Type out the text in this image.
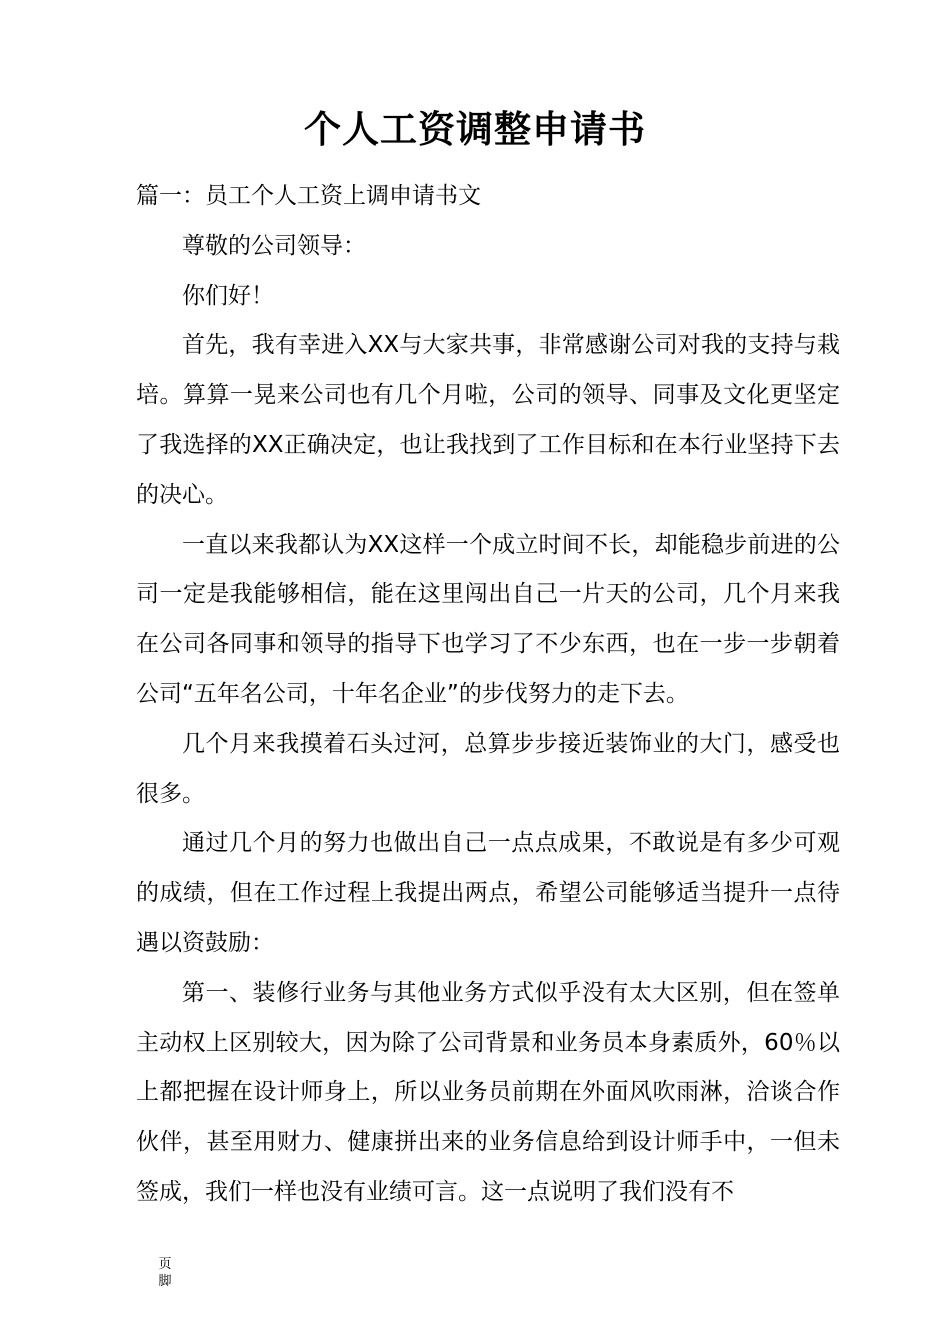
个人工资调整申请书

篇一：员工个人工资上调申请书文

尊敬的公司领导：

你们好！

首先，我有幸进入XX与大家共事，非常感谢公司对我的支持与栽培。算算一晃来公司也有几个月啦，公司的领导、同事及文化更坚定了我选择的XX正确决定，也让我找到了工作目标和在本行业坚持下去的决心。

一直以来我都认为XX这样一个成立时间不长，却能稳步前进的公司一定是我能够相信，能在这里闯出自己一片天的公司，几个月来我在公司各同事和领导的指导下也学习了不少东西，也在一步一步朝着公司“五年名公司，十年名企业”的步伐努力的走下去。

几个月来我摸着石头过河，总算步步接近装饰业的大门，感受也很多。

通过几个月的努力也做出自己一点点成果，不敢说是有多少可观的成绩，但在工作过程上我提出两点，希望公司能够适当提升一点待遇以资鼓励：

第一、装修行业务与其他业务方式似乎没有太大区别，但在签单主动权上区别较大，因为除了公司背景和业务员本身素质外，60％以上都把握在设计师身上，所以业务员前期在外面风吹雨淋，洽谈合作伙伴，甚至用财力、健康拼出来的业务信息给到设计师手中，一但未签成，我们一样也没有业绩可言。这一点说明了我们没有不

页脚
